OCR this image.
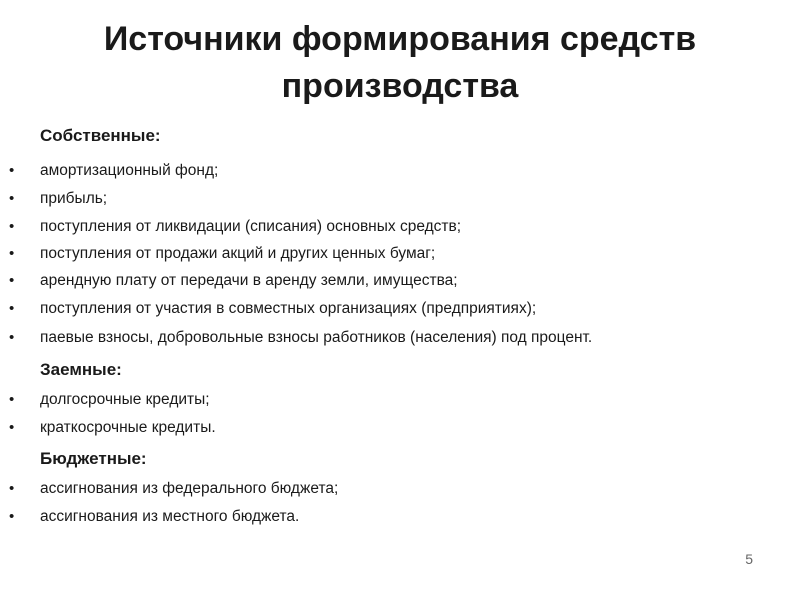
Источники формирования средств
производства
Собственные:
• амортизационный фонд;
• прибыль;
• поступления от ликвидации (списания) основных средств;
• поступления от продажи акций и других ценных бумаг;
• арендную плату от передачи в аренду земли, имущества;
• поступления от участия в совместных организациях (предприятиях);
• паевые взносы, добровольные взносы работников (населения) под процент.
Заемные:
• долгосрочные кредиты;
• краткосрочные кредиты.
Бюджетные:
• ассигнования из федерального бюджета;
• ассигнования из местного бюджета.
5
